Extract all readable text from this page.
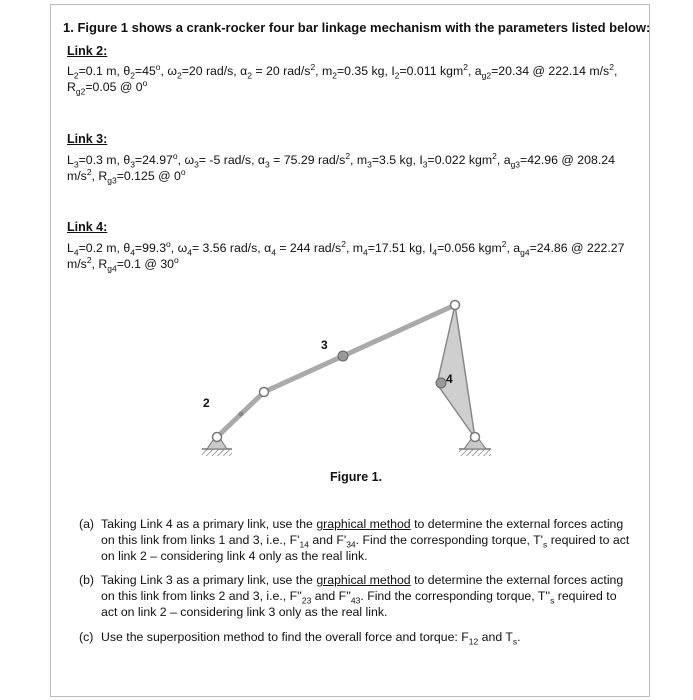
1. Figure 1 shows a crank-rocker four bar linkage mechanism with the parameters listed below:
Link 2:
$L_2=0.1$ m, $\theta_2=45^o$, $\omega_2=20$ rad/s, $\alpha_2 = 20$ rad/$s^2$, $m_2=0.35$ kg, $I_2=0.011$ kgm$^2$, $a_{g2}=20.34$ @ 222.14 $m/s^2$,
$R_{g2}=0.05$ @ 0$^o$
Link 3:
$L_3=0.3$ m, $\theta_3=24.97^o$, $\omega_3= -5$ rad/s, $\alpha_3 = 75.29$ rad/$s^2$, $m_3=3.5$ kg, $I_3=0.022$ kgm$^2$, $a_{g3}=42.96$ @ 208.24
$m/s^2$, $R_{g3}=0.125$ @ 0$^o$
Link 4:
$L_4=0.2$ m, $\theta_4=99.3^o$, $\omega_4= 3.56$ rad/s, $\alpha_4 = 244$ rad/$s^2$, $m_4=17.51$ kg, $I_4=0.056$ kgm$^2$, $a_{g4}=24.86$ @ 222.27
$m/s^2$, $R_{g4}=0.1$ @ 30$^o$
3
2
4
Figure 1.
(a) Taking Link 4 as a primary link, use the graphical method to determine the external forces acting on this link from links 1 and 3, i.e., $F'_{14}$ and $F'_{34}$. Find the corresponding torque, $T'_s$ required to act on link 2 – considering link 4 only as the real link.
(b) Taking Link 3 as a primary link, use the graphical method to determine the external forces acting on this link from links 2 and 3, i.e., $F''_{23}$ and $F''_{43}$. Find the corresponding torque, $T''_s$ required to act on link 2 – considering link 3 only as the real link.
(c) Use the superposition method to find the overall force and torque: $F_{12}$ and $T_s$.
